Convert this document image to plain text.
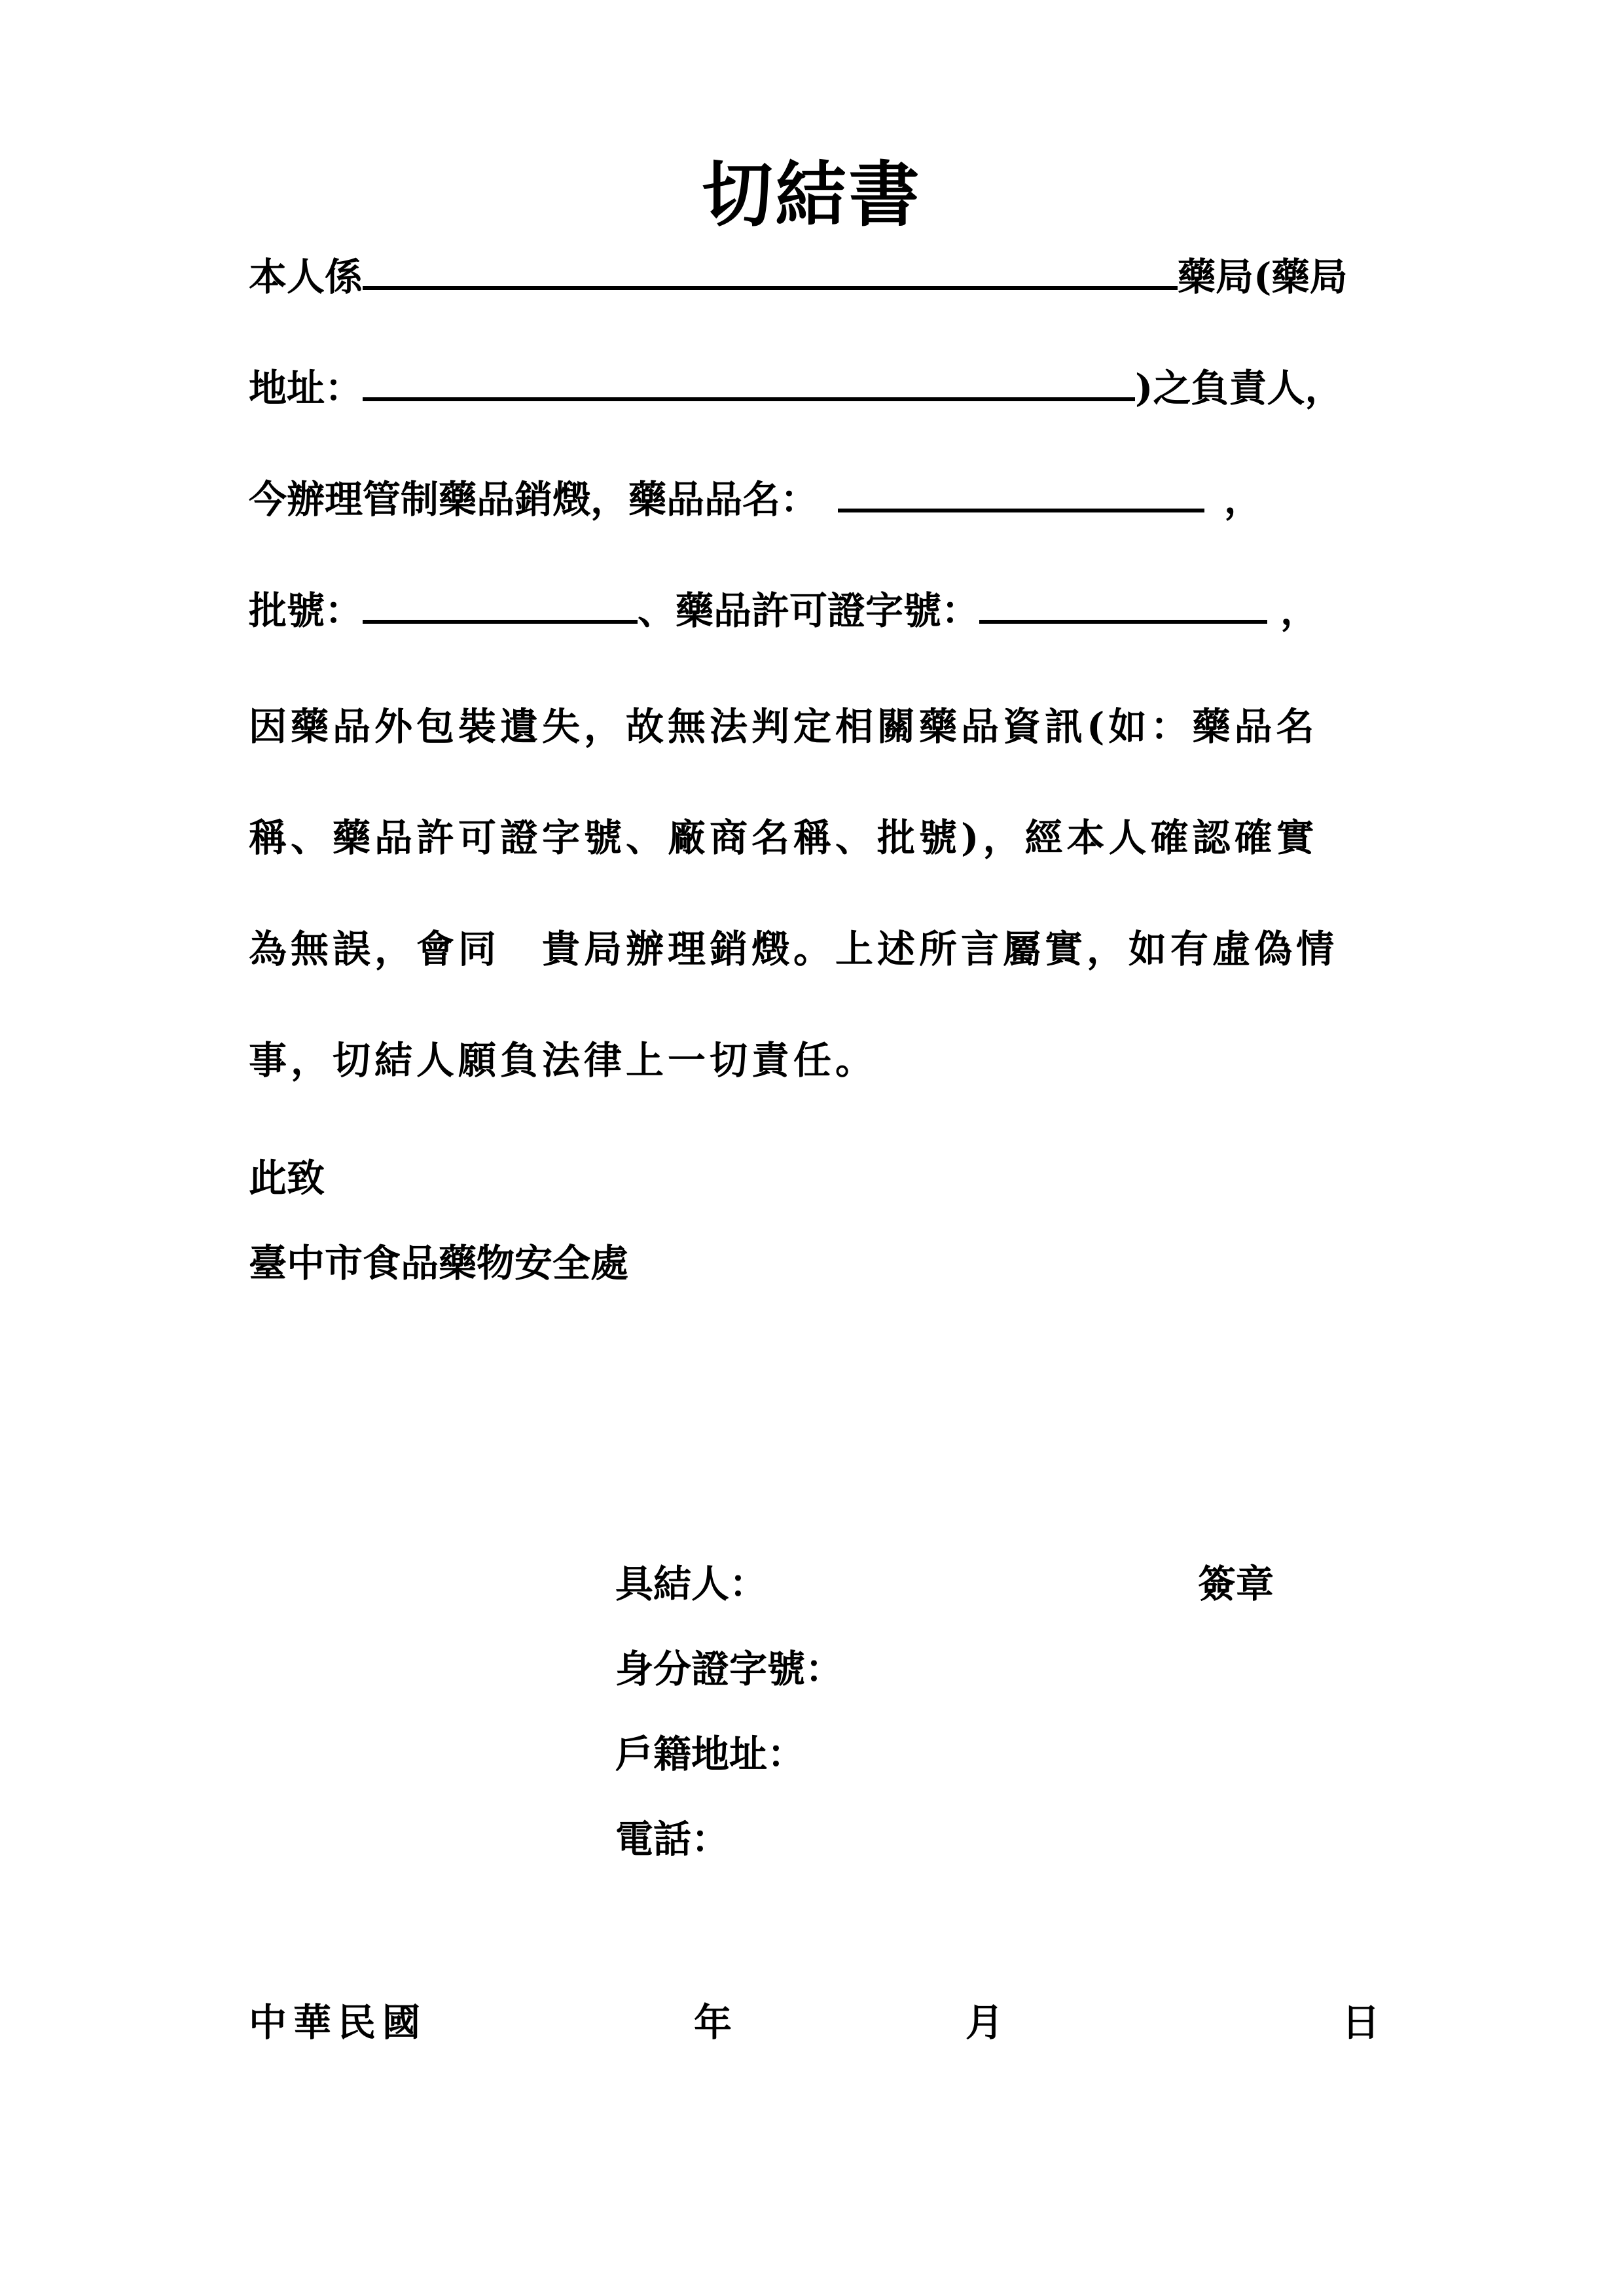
切結書
本人係	藥局(藥局
地址：	)之負責人，
今辦理管制藥品銷燬，藥品品名：	，
批號：	、藥品許可證字號：	，
因藥品外包裝遺失，故無法判定相關藥品資訊(如：藥品名
稱、藥品許可證字號、廠商名稱、批號)，經本人確認確實
為無誤，會同　貴局辦理銷燬。上述所言屬實，如有虛偽情
事，切結人願負法律上一切責任。
此致
臺中市食品藥物安全處
具結人：	簽章
身分證字號：
戶籍地址：
電話：
中華民國	年	月	日
